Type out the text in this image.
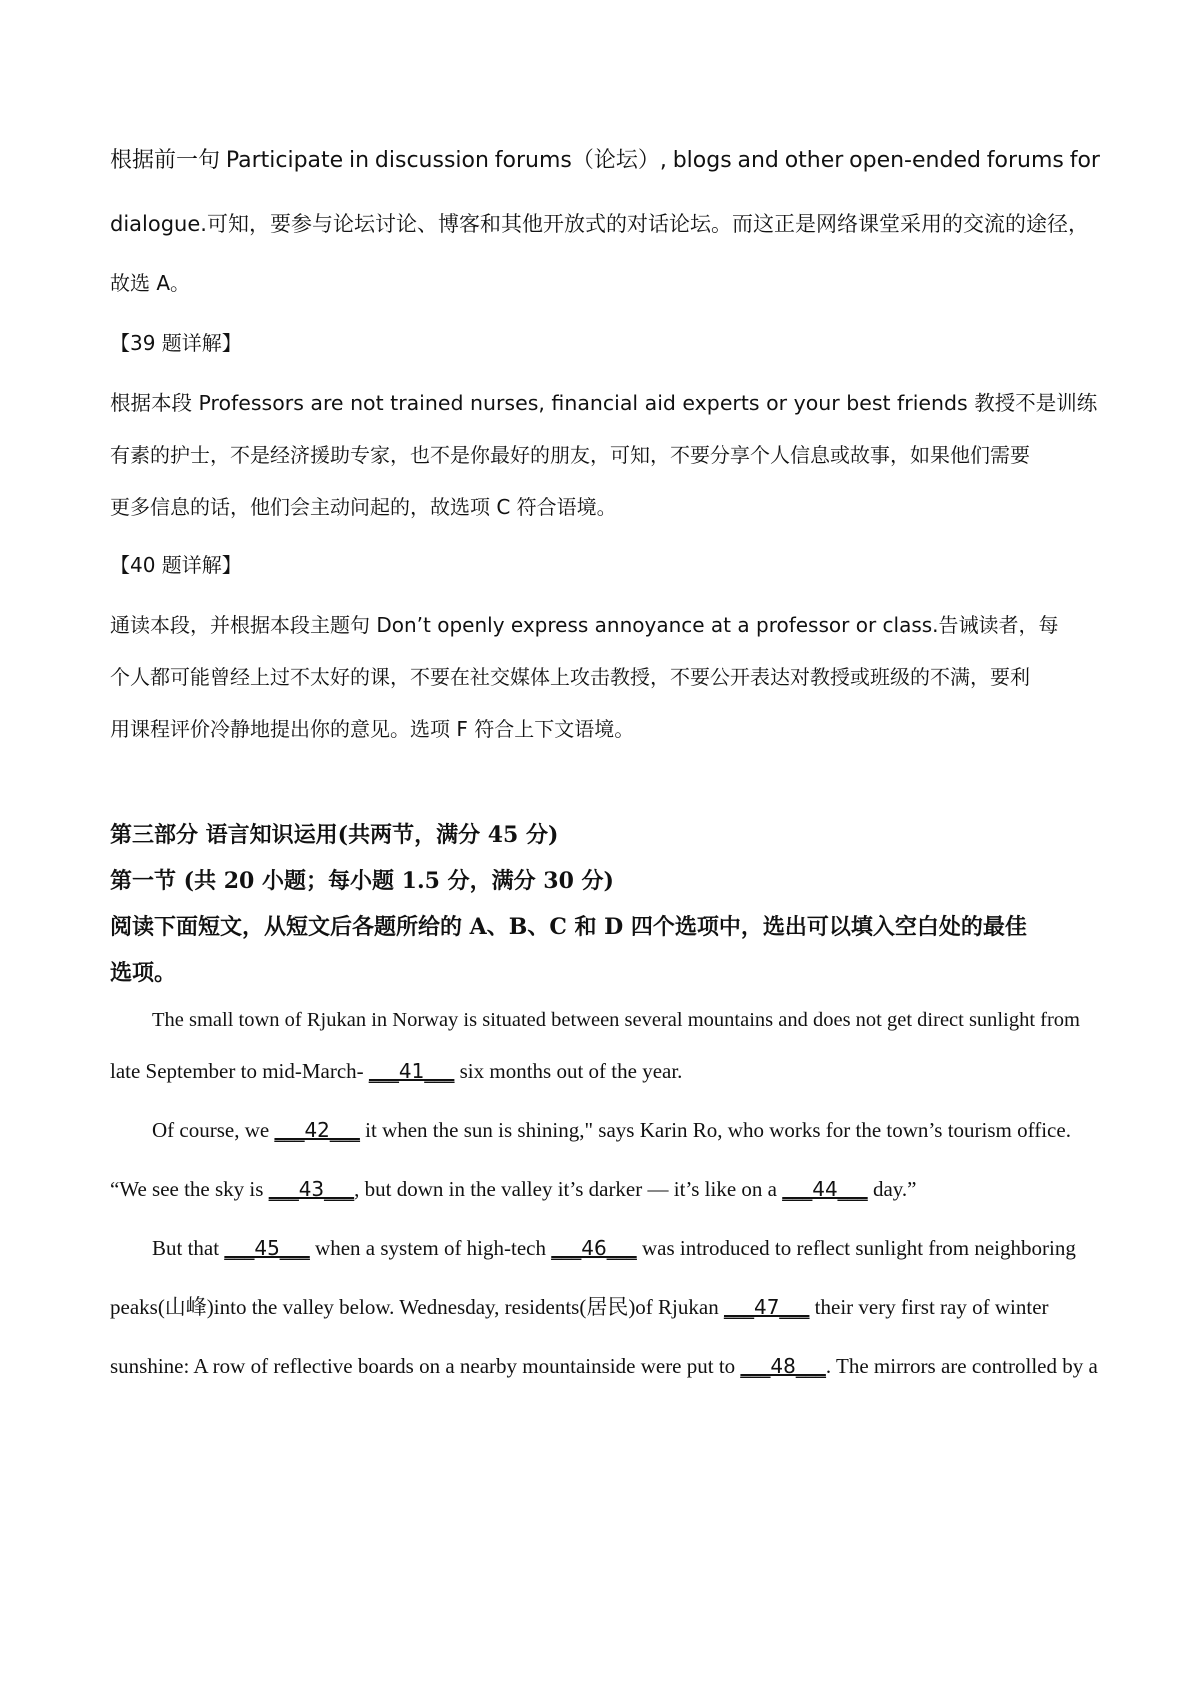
根据前一句 Participate in discussion forums（论坛）, blogs and other open-ended forums for
dialogue.可知，要参与论坛讨论、博客和其他开放式的对话论坛。而这正是网络课堂采用的交流的途径，
故选 A。
【39 题详解】
根据本段 Professors are not trained nurses, financial aid experts or your best friends 教授不是训练
有素的护士，不是经济援助专家，也不是你最好的朋友，可知，不要分享个人信息或故事，如果他们需要
更多信息的话，他们会主动问起的，故选项 C 符合语境。
【40 题详解】
通读本段，并根据本段主题句 Don’t openly express annoyance at a professor or class.告诫读者，每
个人都可能曾经上过不太好的课，不要在社交媒体上攻击教授，不要公开表达对教授或班级的不满，要利
用课程评价冷静地提出你的意见。选项 F 符合上下文语境。
第三部分 语言知识运用(共两节，满分 45 分)
第一节 (共 20 小题；每小题 1.5 分，满分 30 分)
阅读下面短文，从短文后各题所给的 A、B、C 和 D 四个选项中，选出可以填入空白处的最佳
选项。
The small town of Rjukan in Norway is situated between several mountains and does not get direct sunlight from
late September to mid-March- ___41___ six months out of the year.
Of course, we ___42___ it when the sun is shining," says Karin Ro, who works for the town’s tourism office.
“We see the sky is ___43___, but down in the valley it’s darker — it’s like on a ___44___ day.”
But that ___45___ when a system of high-tech ___46___ was introduced to reflect sunlight from neighboring
peaks(山峰)into the valley below. Wednesday, residents(居民)of Rjukan ___47___ their very first ray of winter
sunshine: A row of reflective boards on a nearby mountainside were put to ___48___. The mirrors are controlled by a
